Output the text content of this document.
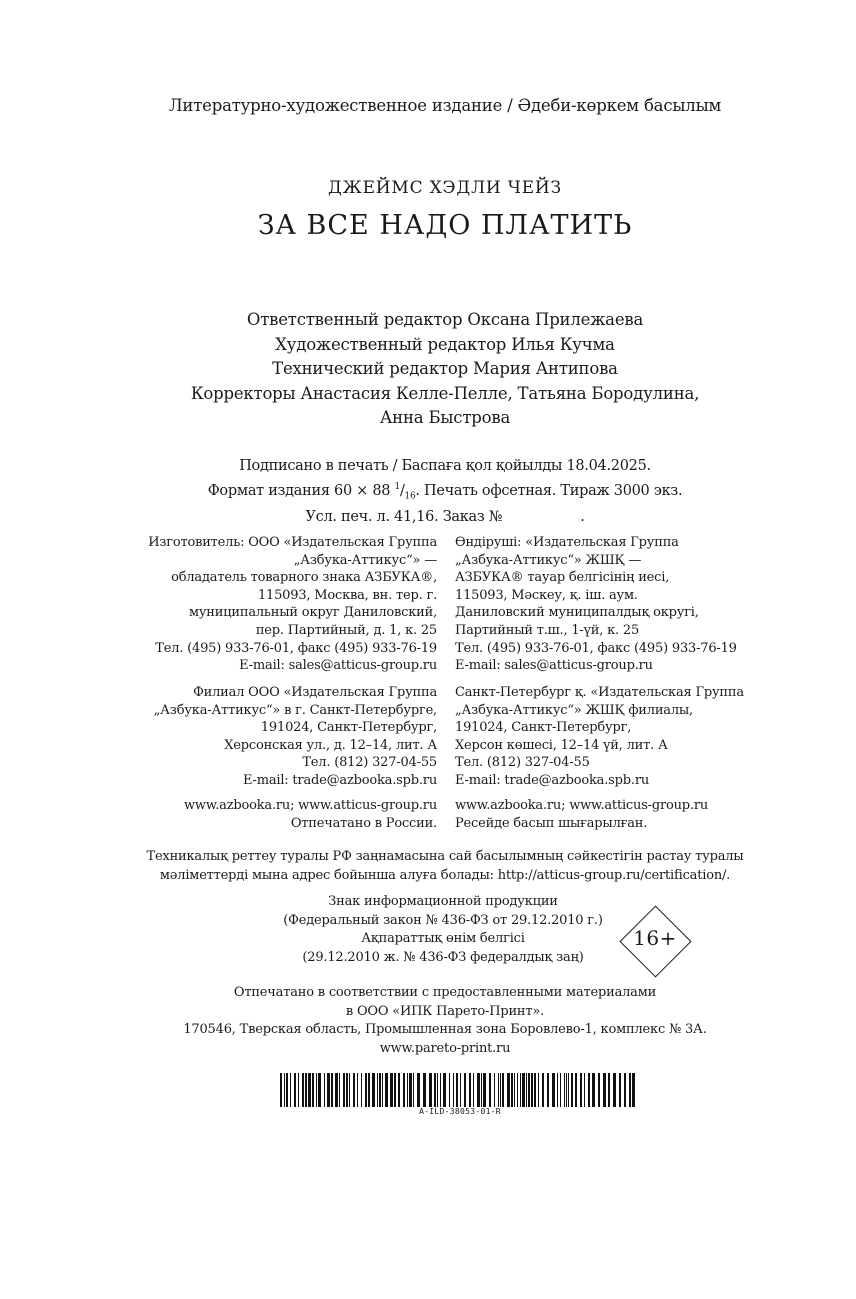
Литературно-художественное издание / Әдеби-көркем басылым
ДЖЕЙМС ХЭДЛИ ЧЕЙЗ
ЗА ВСЕ НАДО ПЛАТИТЬ
Ответственный редактор Оксана Прилежаева
Художественный редактор Илья Кучма
Технический редактор Мария Антипова
Корректоры Анастасия Келле-Пелле, Татьяна Бородулина,
Анна Быстрова
Подписано в печать / Баспаға қол қойылды 18.04.2025.
Формат издания 60 × 88 $^1/_{16}$. Печать офсетная. Тираж 3000 экз.
Усл. печ. л. 41,16. Заказ №	.
Изготовитель: ООО «Издательская Группа
„Азбука-Аттикус“» —
обладатель товарного знака АЗБУКА®,
115093, Москва, вн. тер. г.
муниципальный округ Даниловский,
пер. Партийный, д. 1, к. 25
Тел. (495) 933-76-01, факс (495) 933-76-19
E-mail: sales@atticus-group.ru
Өндіруші: «Издательская Группа
„Азбука-Аттикус“» ЖШҚ —
АЗБУКА® тауар белгісінің иесі,
115093, Мәскеу, қ. іш. аум.
Даниловский муниципалдық округі,
Партийный т.ш., 1-үй, к. 25
Тел. (495) 933-76-01, факс (495) 933-76-19
E-mail: sales@atticus-group.ru
Филиал ООО «Издательская Группа
„Азбука-Аттикус“» в г. Санкт-Петербурге,
191024, Санкт-Петербург,
Херсонская ул., д. 12–14, лит. А
Тел. (812) 327-04-55
E-mail: trade@azbooka.spb.ru
Санкт-Петербург қ. «Издательская Группа
„Азбука-Аттикус“» ЖШҚ филиалы,
191024, Санкт-Петербург,
Херсон көшесі, 12–14 үй, лит. А
Тел. (812) 327-04-55
E-mail: trade@azbooka.spb.ru
www.azbooka.ru; www.atticus-group.ru
Отпечатано в России.
www.azbooka.ru; www.atticus-group.ru
Ресейде басып шығарылған.
Техникалық реттеу туралы РФ заңнамасына сай басылымның сәйкестігін растау туралы
мәліметтерді мына адрес бойынша алуға болады: http://atticus-group.ru/certification/.
Знак информационной продукции
(Федеральный закон № 436-ФЗ от 29.12.2010 г.)
Ақпараттық өнім белгісі
(29.12.2010 ж. № 436-ФЗ федералдық заң)
16+
Отпечатано в соответствии с предоставленными материалами
в ООО «ИПК Парето-Принт».
170546, Тверская область, Промышленная зона Боровлево-1, комплекс № 3А.
www.pareto-print.ru
A-ILD-38053-01-R
